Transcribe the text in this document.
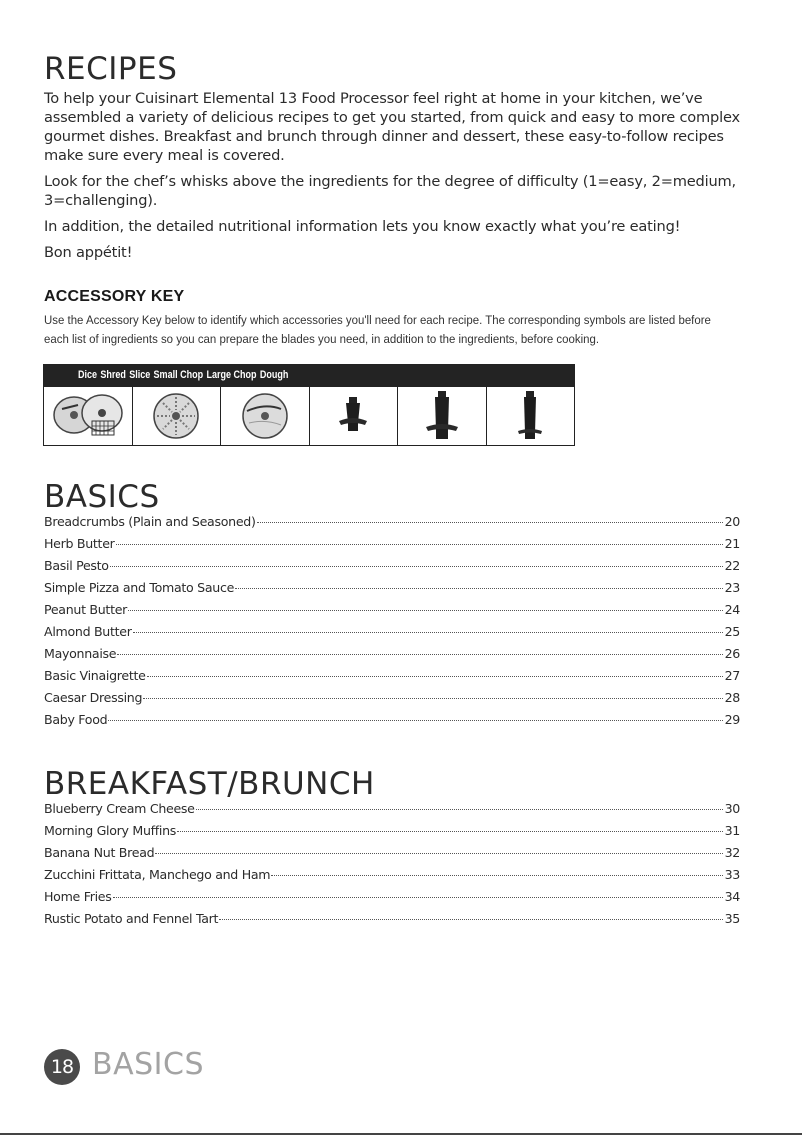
RECIPES

To help your Cuisinart Elemental 13 Food Processor feel right at home in your kitchen, we’ve assembled a variety of delicious recipes to get you started, from quick and easy to more complex gourmet dishes. Breakfast and brunch through dinner and dessert, these easy-to-follow recipes make sure every meal is covered.

Look for the chef’s whisks above the ingredients for the degree of difficulty (1=easy, 2=medium, 3=challenging).

In addition, the detailed nutritional information lets you know exactly what you’re eating!

Bon appétit!

ACCESSORY KEY

Use the Accessory Key below to identify which accessories you'll need for each recipe. The corresponding symbols are listed before each list of ingredients so you can prepare the blades you need, in addition to the ingredients, before cooking.

Dice Shred Slice Small Chop Large Chop Dough
BASICS
Breadcrumbs (Plain and Seasoned)	20
Herb Butter	21
Basil Pesto	22
Simple Pizza and Tomato Sauce	23
Peanut Butter	24
Almond Butter	25
Mayonnaise	26
Basic Vinaigrette	27
Caesar Dressing	28
Baby Food	29
BREAKFAST/BRUNCH
Blueberry Cream Cheese	30
Morning Glory Muffins	31
Banana Nut Bread	32
Zucchini Frittata, Manchego and Ham	33
Home Fries	34
Rustic Potato and Fennel Tart	35
18 BASICS
